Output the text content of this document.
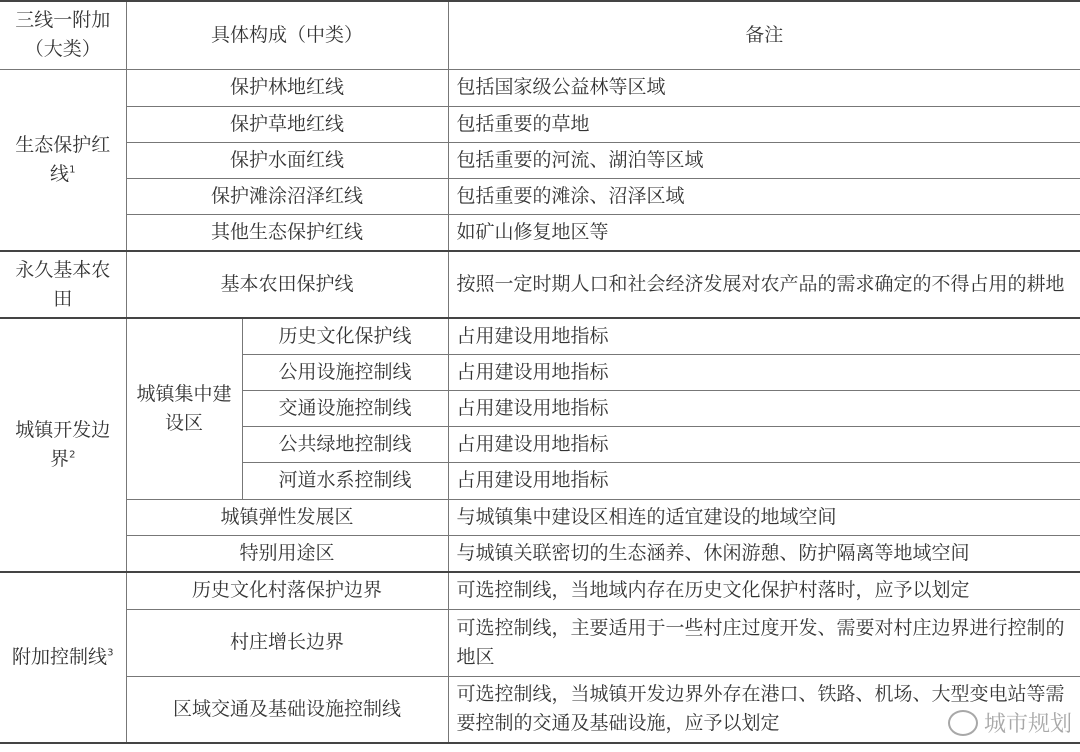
三线一附加（大类）	具体构成（中类）		备注
生态保护红线$^1$	保护林地红线		包括国家级公益林等区域
	保护草地红线		包括重要的草地
	保护水面红线		包括重要的河流、湖泊等区域
	保护滩涂沼泽红线		包括重要的滩涂、沼泽区域
	其他生态保护红线		如矿山修复地区等
永久基本农田	基本农田保护线		按照一定时期人口和社会经济发展对农产品的需求确定的不得占用的耕地
城镇开发边界$^2$	城镇集中建设区	历史文化保护线	占用建设用地指标
		公用设施控制线	占用建设用地指标
		交通设施控制线	占用建设用地指标
		公共绿地控制线	占用建设用地指标
		河道水系控制线	占用建设用地指标
	城镇弹性发展区		与城镇集中建设区相连的适宜建设的地域空间
	特别用途区		与城镇关联密切的生态涵养、休闲游憩、防护隔离等地域空间
附加控制线$^3$	历史文化村落保护边界		可选控制线，当地域内存在历史文化保护村落时，应予以划定
	村庄增长边界		可选控制线，主要适用于一些村庄过度开发、需要对村庄边界进行控制的地区
	区域交通及基础设施控制线		可选控制线，当城镇开发边界外存在港口、铁路、机场、大型变电站等需要控制的交通及基础设施，应予以划定	城市规划
